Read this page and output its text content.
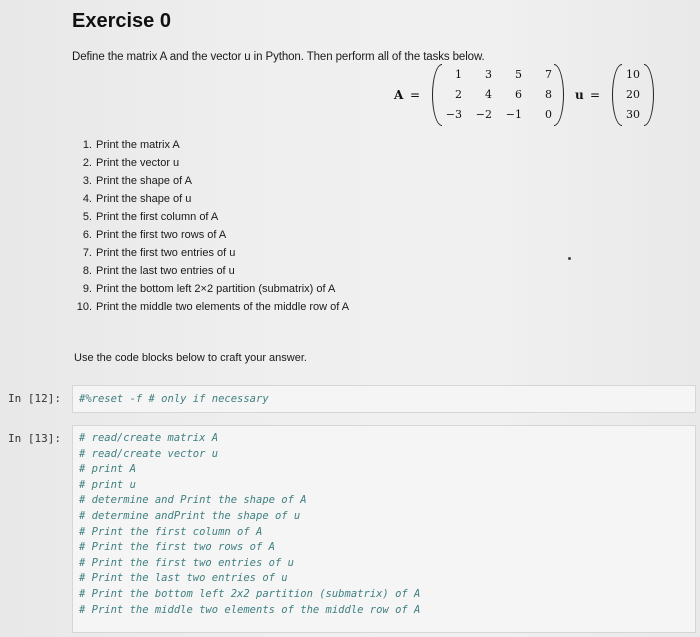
Exercise 0
Define the matrix A and the vector u in Python. Then perform all of the tasks below.
A =
1	3	5	7
2	4	6	8
−3	−2	−1	0
u =
10
20
30
1. Print the matrix A
2. Print the vector u
3. Print the shape of A
4. Print the shape of u
5. Print the first column of A
6. Print the first two rows of A
7. Print the first two entries of u
8. Print the last two entries of u
9. Print the bottom left 2×2 partition (submatrix) of A
10. Print the middle two elements of the middle row of A
Use the code blocks below to craft your answer.
In [12]: #%reset -f # only if necessary
In [13]: # read/create matrix A
# read/create vector u
# print A
# print u
# determine and Print the shape of A
# determine andPrint the shape of u
# Print the first column of A
# Print the first two rows of A
# Print the first two entries of u
# Print the last two entries of u
# Print the bottom left 2x2 partition (submatrix) of A
# Print the middle two elements of the middle row of A
